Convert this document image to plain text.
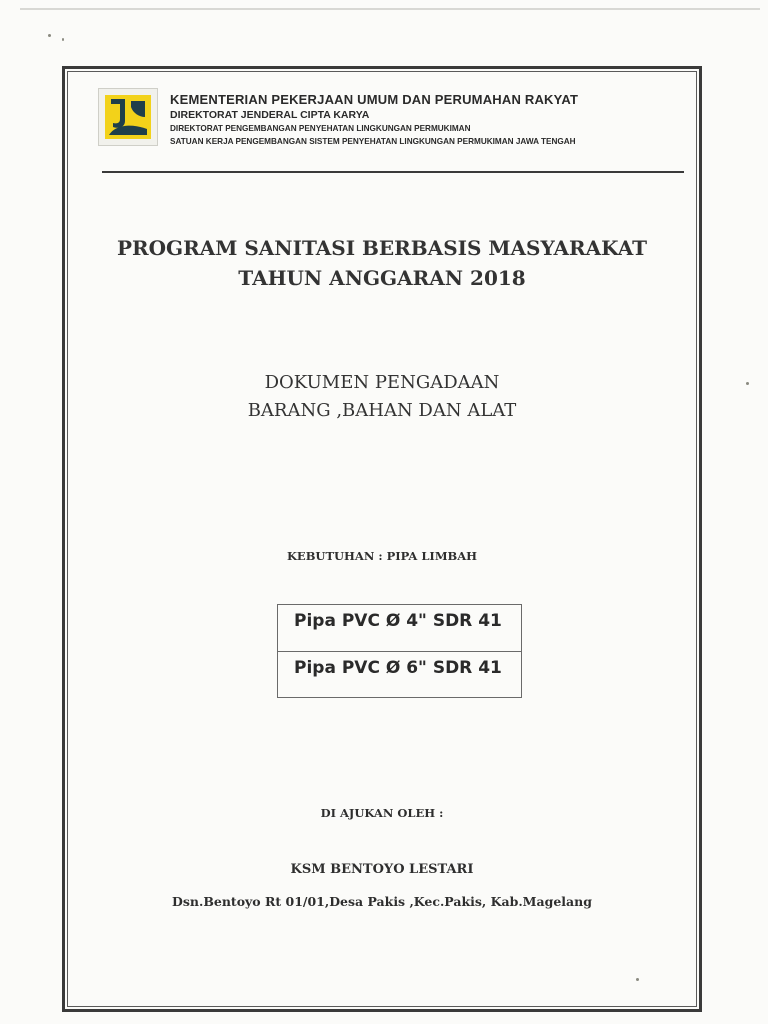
KEMENTERIAN PEKERJAAN UMUM DAN PERUMAHAN RAKYAT
DIREKTORAT JENDERAL CIPTA KARYA
DIREKTORAT PENGEMBANGAN PENYEHATAN LINGKUNGAN PERMUKIMAN
SATUAN KERJA PENGEMBANGAN SISTEM PENYEHATAN LINGKUNGAN PERMUKIMAN JAWA TENGAH
PROGRAM SANITASI BERBASIS MASYARAKAT
TAHUN ANGGARAN 2018
DOKUMEN PENGADAAN
BARANG ,BAHAN DAN ALAT
KEBUTUHAN : PIPA LIMBAH
Pipa PVC Ø 4" SDR 41
Pipa PVC Ø 6" SDR 41
DI AJUKAN OLEH :
KSM BENTOYO LESTARI
Dsn.Bentoyo Rt 01/01,Desa Pakis ,Kec.Pakis, Kab.Magelang
